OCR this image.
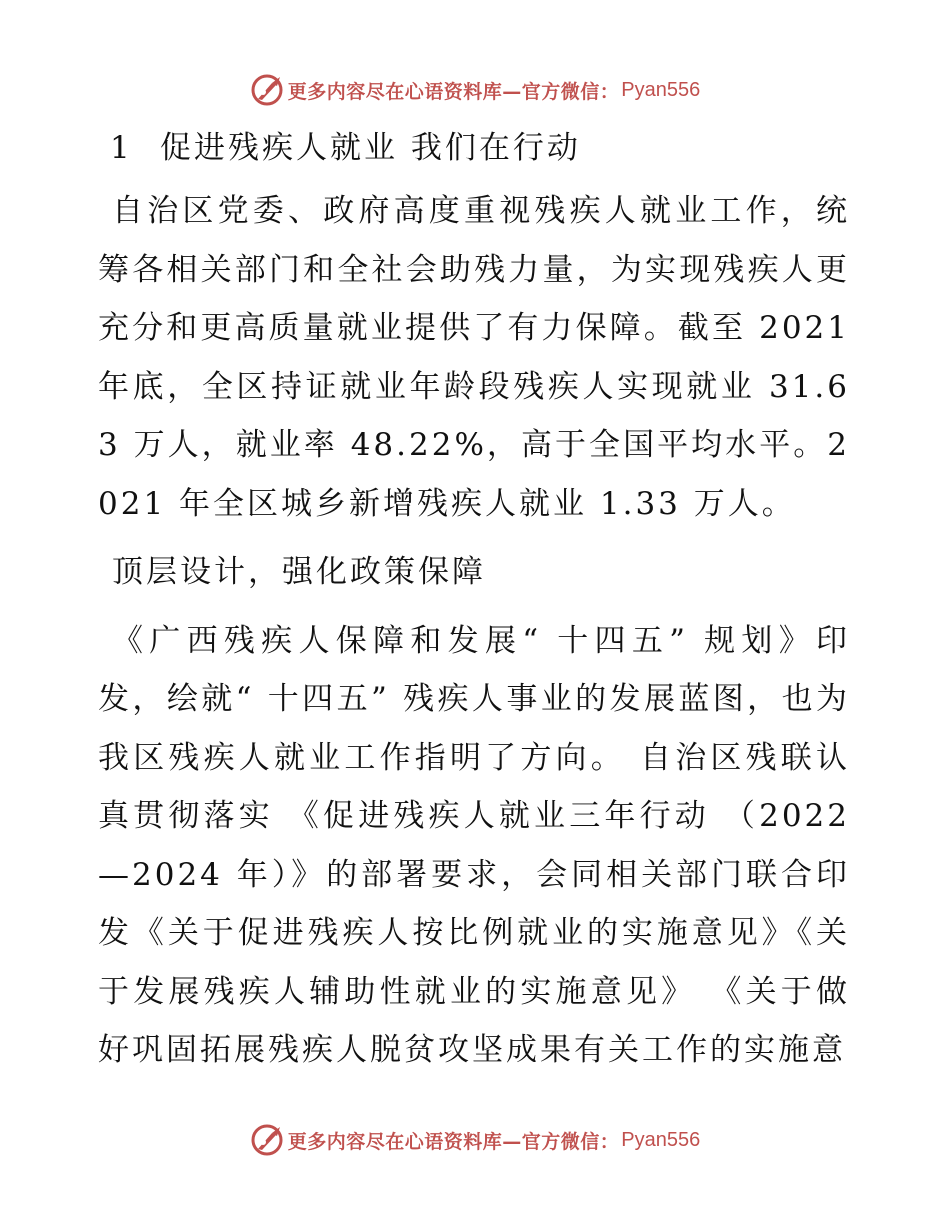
更多内容尽在心语资料库—官方微信： Pyan556
1 促进残疾人就业 我们在行动

自治区党委、政府高度重视残疾人就业工作，统筹各相关部门和全社会助残力量，为实现残疾人更充分和更高质量就业提供了有力保障。截至 2021 年底，全区持证就业年龄段残疾人实现就业 31.63 万人，就业率 48.22%，高于全国平均水平。2021 年全区城乡新增残疾人就业 1.33 万人。

顶层设计，强化政策保障

《广西残疾人保障和发展“ 十四五” 规划》印发，绘就“ 十四五” 残疾人事业的发展蓝图，也为我区残疾人就业工作指明了方向。 自治区残联认真贯彻落实 《促进残疾人就业三年行动 （2022—2024 年）》的部署要求，会同相关部门联合印发《关于促进残疾人按比例就业的实施意见》《关于发展残疾人辅助性就业的实施意见》 《关于做好巩固拓展残疾人脱贫攻坚成果有关工作的实施意

更多内容尽在心语资料库—官方微信： Pyan556
